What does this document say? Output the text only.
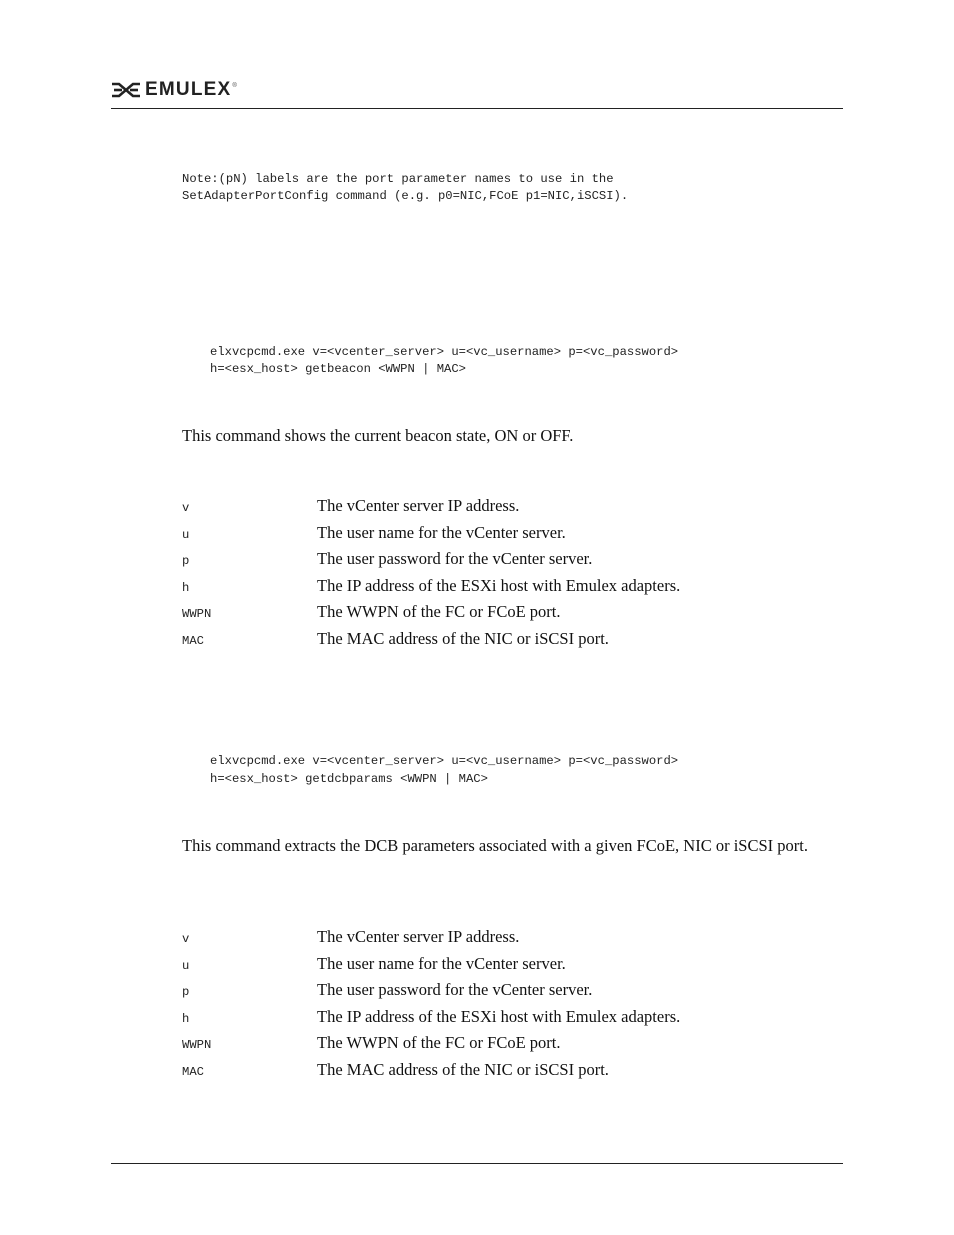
EMULEX ®
Note:(pN) labels are the port parameter names to use in the
SetAdapterPortConfig command (e.g. p0=NIC,FCoE p1=NIC,iSCSI).
elxvcpcmd.exe v=<vcenter_server> u=<vc_username> p=<vc_password>
h=<esx_host> getbeacon <WWPN | MAC>
This command shows the current beacon state, ON or OFF.
v	The vCenter server IP address.
u	The user name for the vCenter server.
p	The user password for the vCenter server.
h	The IP address of the ESXi host with Emulex adapters.
WWPN	The WWPN of the FC or FCoE port.
MAC	The MAC address of the NIC or iSCSI port.
elxvcpcmd.exe v=<vcenter_server> u=<vc_username> p=<vc_password>
h=<esx_host> getdcbparams <WWPN | MAC>
This command extracts the DCB parameters associated with a given FCoE, NIC or iSCSI port.
v	The vCenter server IP address.
u	The user name for the vCenter server.
p	The user password for the vCenter server.
h	The IP address of the ESXi host with Emulex adapters.
WWPN	The WWPN of the FC or FCoE port.
MAC	The MAC address of the NIC or iSCSI port.
